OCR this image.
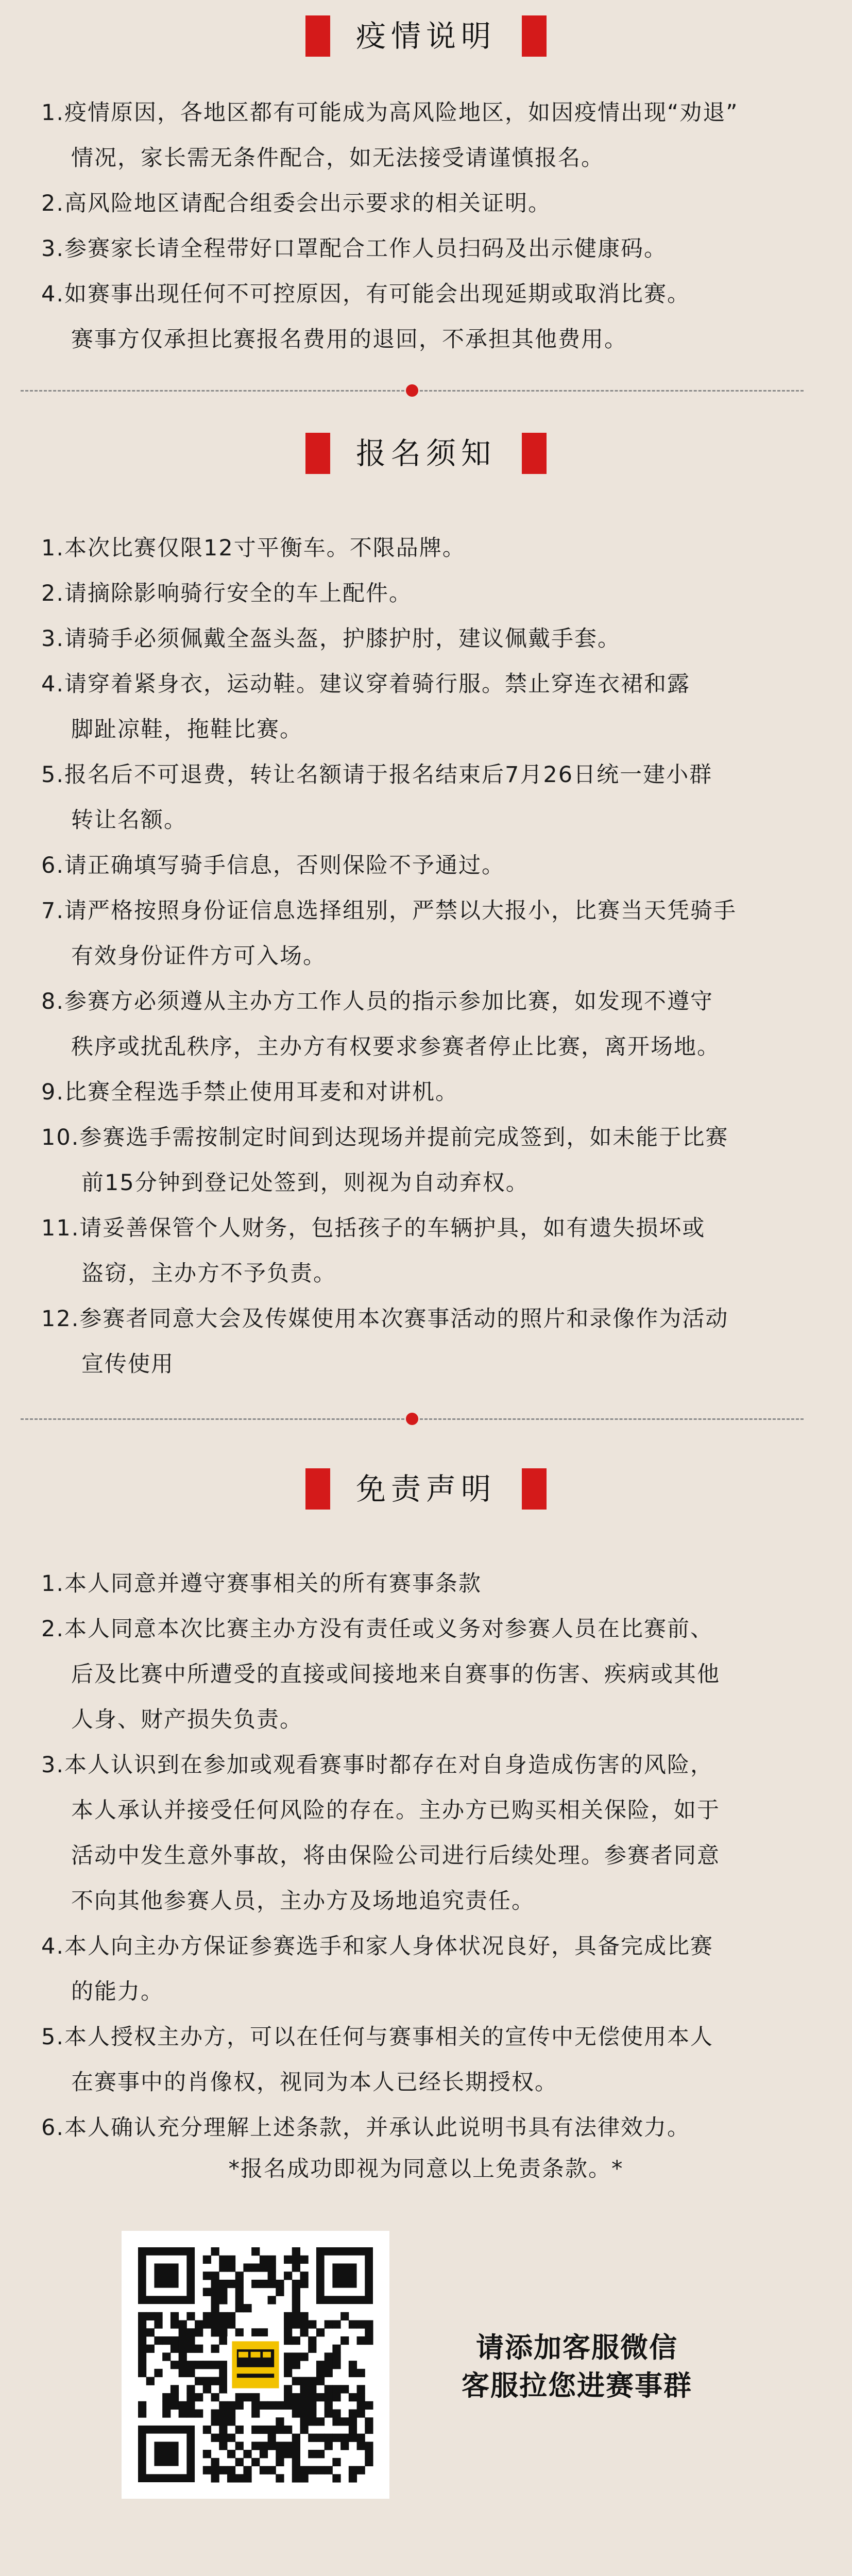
疫情说明
1.疫情原因，各地区都有可能成为高风险地区，如因疫情出现“劝退”
情况，家长需无条件配合，如无法接受请谨慎报名。
2.高风险地区请配合组委会出示要求的相关证明。
3.参赛家长请全程带好口罩配合工作人员扫码及出示健康码。
4.如赛事出现任何不可控原因，有可能会出现延期或取消比赛。
赛事方仅承担比赛报名费用的退回，不承担其他费用。
报名须知
1.本次比赛仅限12寸平衡车。不限品牌。
2.请摘除影响骑行安全的车上配件。
3.请骑手必须佩戴全盔头盔，护膝护肘，建议佩戴手套。
4.请穿着紧身衣，运动鞋。建议穿着骑行服。禁止穿连衣裙和露
脚趾凉鞋，拖鞋比赛。
5.报名后不可退费，转让名额请于报名结束后7月26日统一建小群
转让名额。
6.请正确填写骑手信息，否则保险不予通过。
7.请严格按照身份证信息选择组别，严禁以大报小，比赛当天凭骑手
有效身份证件方可入场。
8.参赛方必须遵从主办方工作人员的指示参加比赛，如发现不遵守
秩序或扰乱秩序，主办方有权要求参赛者停止比赛，离开场地。
9.比赛全程选手禁止使用耳麦和对讲机。
10.参赛选手需按制定时间到达现场并提前完成签到，如未能于比赛
前15分钟到登记处签到，则视为自动弃权。
11.请妥善保管个人财务，包括孩子的车辆护具，如有遗失损坏或
盗窃，主办方不予负责。
12.参赛者同意大会及传媒使用本次赛事活动的照片和录像作为活动
宣传使用
免责声明
1.本人同意并遵守赛事相关的所有赛事条款
2.本人同意本次比赛主办方没有责任或义务对参赛人员在比赛前、
后及比赛中所遭受的直接或间接地来自赛事的伤害、疾病或其他
人身、财产损失负责。
3.本人认识到在参加或观看赛事时都存在对自身造成伤害的风险，
本人承认并接受任何风险的存在。主办方已购买相关保险，如于
活动中发生意外事故，将由保险公司进行后续处理。参赛者同意
不向其他参赛人员，主办方及场地追究责任。
4.本人向主办方保证参赛选手和家人身体状况良好，具备完成比赛
的能力。
5.本人授权主办方，可以在任何与赛事相关的宣传中无偿使用本人
在赛事中的肖像权，视同为本人已经长期授权。
6.本人确认充分理解上述条款，并承认此说明书具有法律效力。
*报名成功即视为同意以上免责条款。*
请添加客服微信
客服拉您进赛事群
